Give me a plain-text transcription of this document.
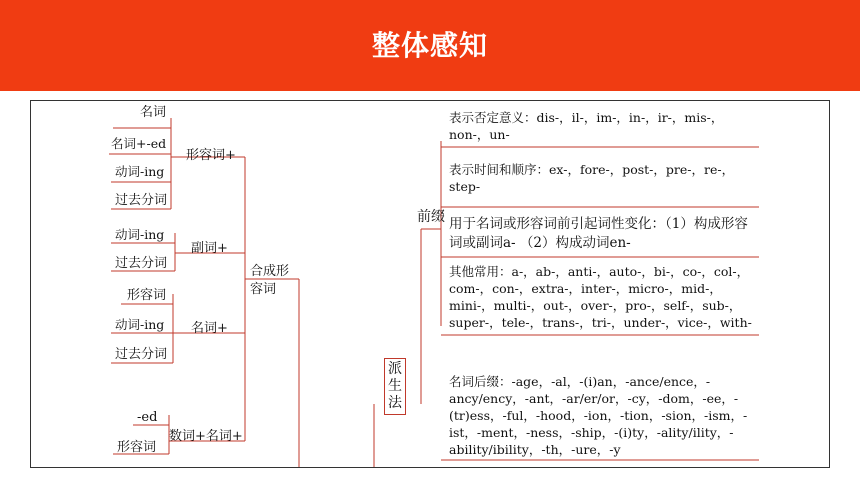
整体感知
名词
名词+-ed
动词-ing
过去分词
形容词+
动词-ing
过去分词
副词+
形容词
动词-ing
过去分词
名词+
-ed
形容词
数词+名词+
合成形容词
派生法
前缀
表示否定意义：dis-，il-，im-，in-，ir-，mis-，non-，un-
表示时间和顺序：ex-，fore-，post-，pre-，re-，step-
用于名词或形容词前引起词性变化：（1）构成形容词或副词a- （2）构成动词en-
其他常用：a-，ab-，anti-，auto-，bi-，co-，col-，com-，con-，extra-，inter-，micro-，mid-，mini-，multi-，out-，over-，pro-，self-，sub-，super-，tele-，trans-，tri-，under-，vice-，with-
名词后缀：-age，-al，-(i)an，-ance/ence，-ancy/ency，-ant，-ar/er/or，-cy，-dom，-ee，-(tr)ess，-ful，-hood，-ion，-tion，-sion，-ism，-ist，-ment，-ness，-ship，-(i)ty，-ality/ility，-ability/ibility，-th，-ure，-y
